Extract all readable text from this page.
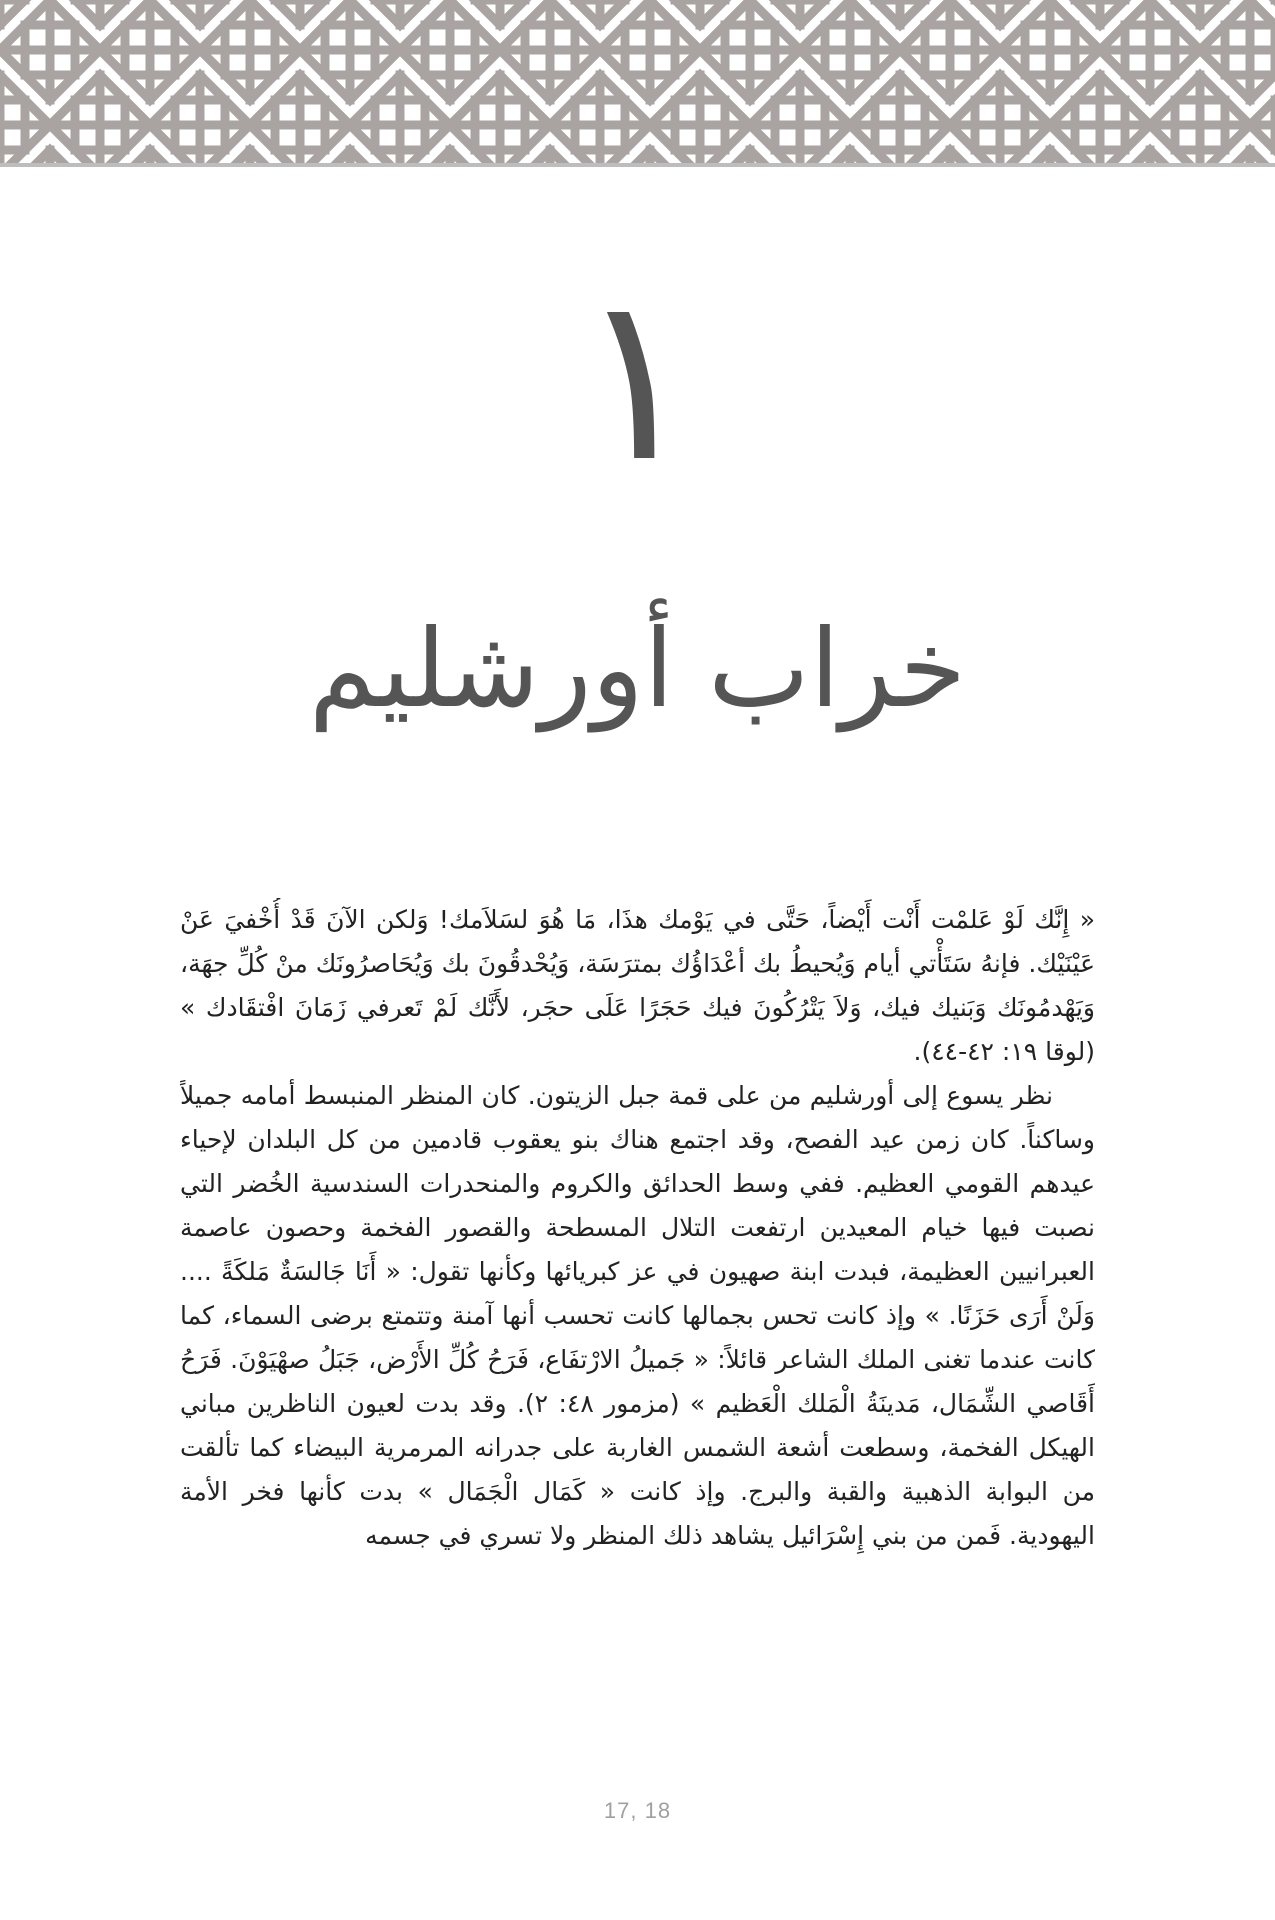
١
خراب أورشليم

« إِنَّك لَوْ عَلمْت أَنْت أَيْضاً، حَتَّى في يَوْمك هذَا، مَا هُوَ لسَلاَمك! وَلكن الآنَ قَدْ أُخْفيَ عَنْ عَيْنَيْك. فإنهُ سَتَأْتي أيام وَيُحيطُ بك أعْدَاؤُك بمترَسَة، وَيُحْدقُونَ بك وَيُحَاصرُونَك منْ كُلِّ جهَة، وَيَهْدمُونَك وَبَنيك فيك، وَلاَ يَتْرُكُونَ فيك حَجَرًا عَلَى حجَر، لأَنَّك لَمْ تَعرفي زَمَانَ افْتقَادك » (لوقا ١٩: ٤٢-٤٤).

نظر يسوع إلى أورشليم من على قمة جبل الزيتون. كان المنظر المنبسط أمامه جميلاً وساكناً. كان زمن عيد الفصح، وقد اجتمع هناك بنو يعقوب قادمين من كل البلدان لإحياء عيدهم القومي العظيم. ففي وسط الحدائق والكروم والمنحدرات السندسية الخُضر التي نصبت فيها خيام المعيدين ارتفعت التلال المسطحة والقصور الفخمة وحصون عاصمة العبرانيين العظيمة، فبدت ابنة صهيون في عز كبريائها وكأنها تقول: « أَنَا جَالسَةٌ مَلكَةً .... وَلَنْ أَرَى حَزَنًا. » وإذ كانت تحس بجمالها كانت تحسب أنها آمنة وتتمتع برضى السماء، كما كانت عندما تغنى الملك الشاعر قائلاً: « جَميلُ الارْتفَاع، فَرَحُ كُلِّ الأَرْض، جَبَلُ صهْيَوْنَ. فَرَحُ أَقَاصي الشِّمَال، مَدينَةُ الْمَلك الْعَظيم » (مزمور ٤٨: ٢). وقد بدت لعيون الناظرين مباني الهيكل الفخمة، وسطعت أشعة الشمس الغاربة على جدرانه المرمرية البيضاء كما تألقت من البوابة الذهبية والقبة والبرج. وإذ كانت « كَمَال الْجَمَال » بدت كأنها فخر الأمة اليهودية. فَمن من بني إِسْرَائيل يشاهد ذلك المنظر ولا تسري في جسمه

17, 18
